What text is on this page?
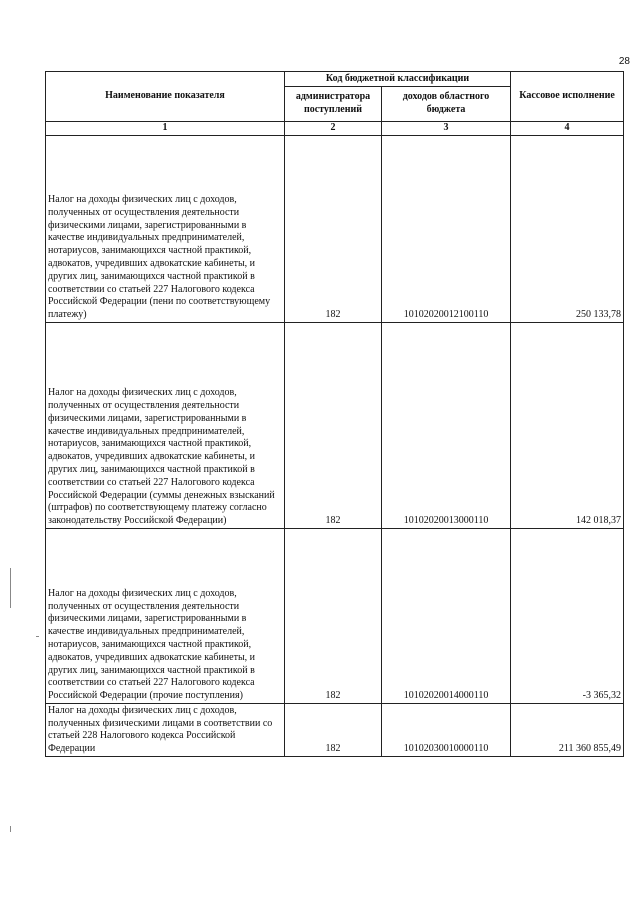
28
Наименование показателя	Код бюджетной классификации		Кассовое исполнение
	администратора поступлений	доходов областного бюджета	
1	2	3	4
Налог на доходы физических лиц с доходов, полученных от осуществления деятельности физическими лицами, зарегистрированными в качестве индивидуальных предпринимателей, нотариусов, занимающихся частной практикой, адвокатов, учредивших адвокатские кабинеты, и других лиц, занимающихся частной практикой в соответствии со статьей 227 Налогового кодекса Российской Федерации (пени по соответствующему платежу)	182	10102020012100110	250 133,78
Налог на доходы физических лиц с доходов, полученных от осуществления деятельности физическими лицами, зарегистрированными в качестве индивидуальных предпринимателей, нотариусов, занимающихся частной практикой, адвокатов, учредивших адвокатские кабинеты, и других лиц, занимающихся частной практикой в соответствии со статьей 227 Налогового кодекса Российской Федерации (суммы денежных взысканий (штрафов) по соответствующему платежу согласно законодательству Российской Федерации)	182	10102020013000110	142 018,37
Налог на доходы физических лиц с доходов, полученных от осуществления деятельности физическими лицами, зарегистрированными в качестве индивидуальных предпринимателей, нотариусов, занимающихся частной практикой, адвокатов, учредивших адвокатские кабинеты, и других лиц, занимающихся частной практикой в соответствии со статьей 227 Налогового кодекса Российской Федерации (прочие поступления)	182	10102020014000110	-3 365,32
Налог на доходы физических лиц с доходов, полученных физическими лицами в соответствии со статьей 228 Налогового кодекса Российской Федерации	182	10102030010000110	211 360 855,49
